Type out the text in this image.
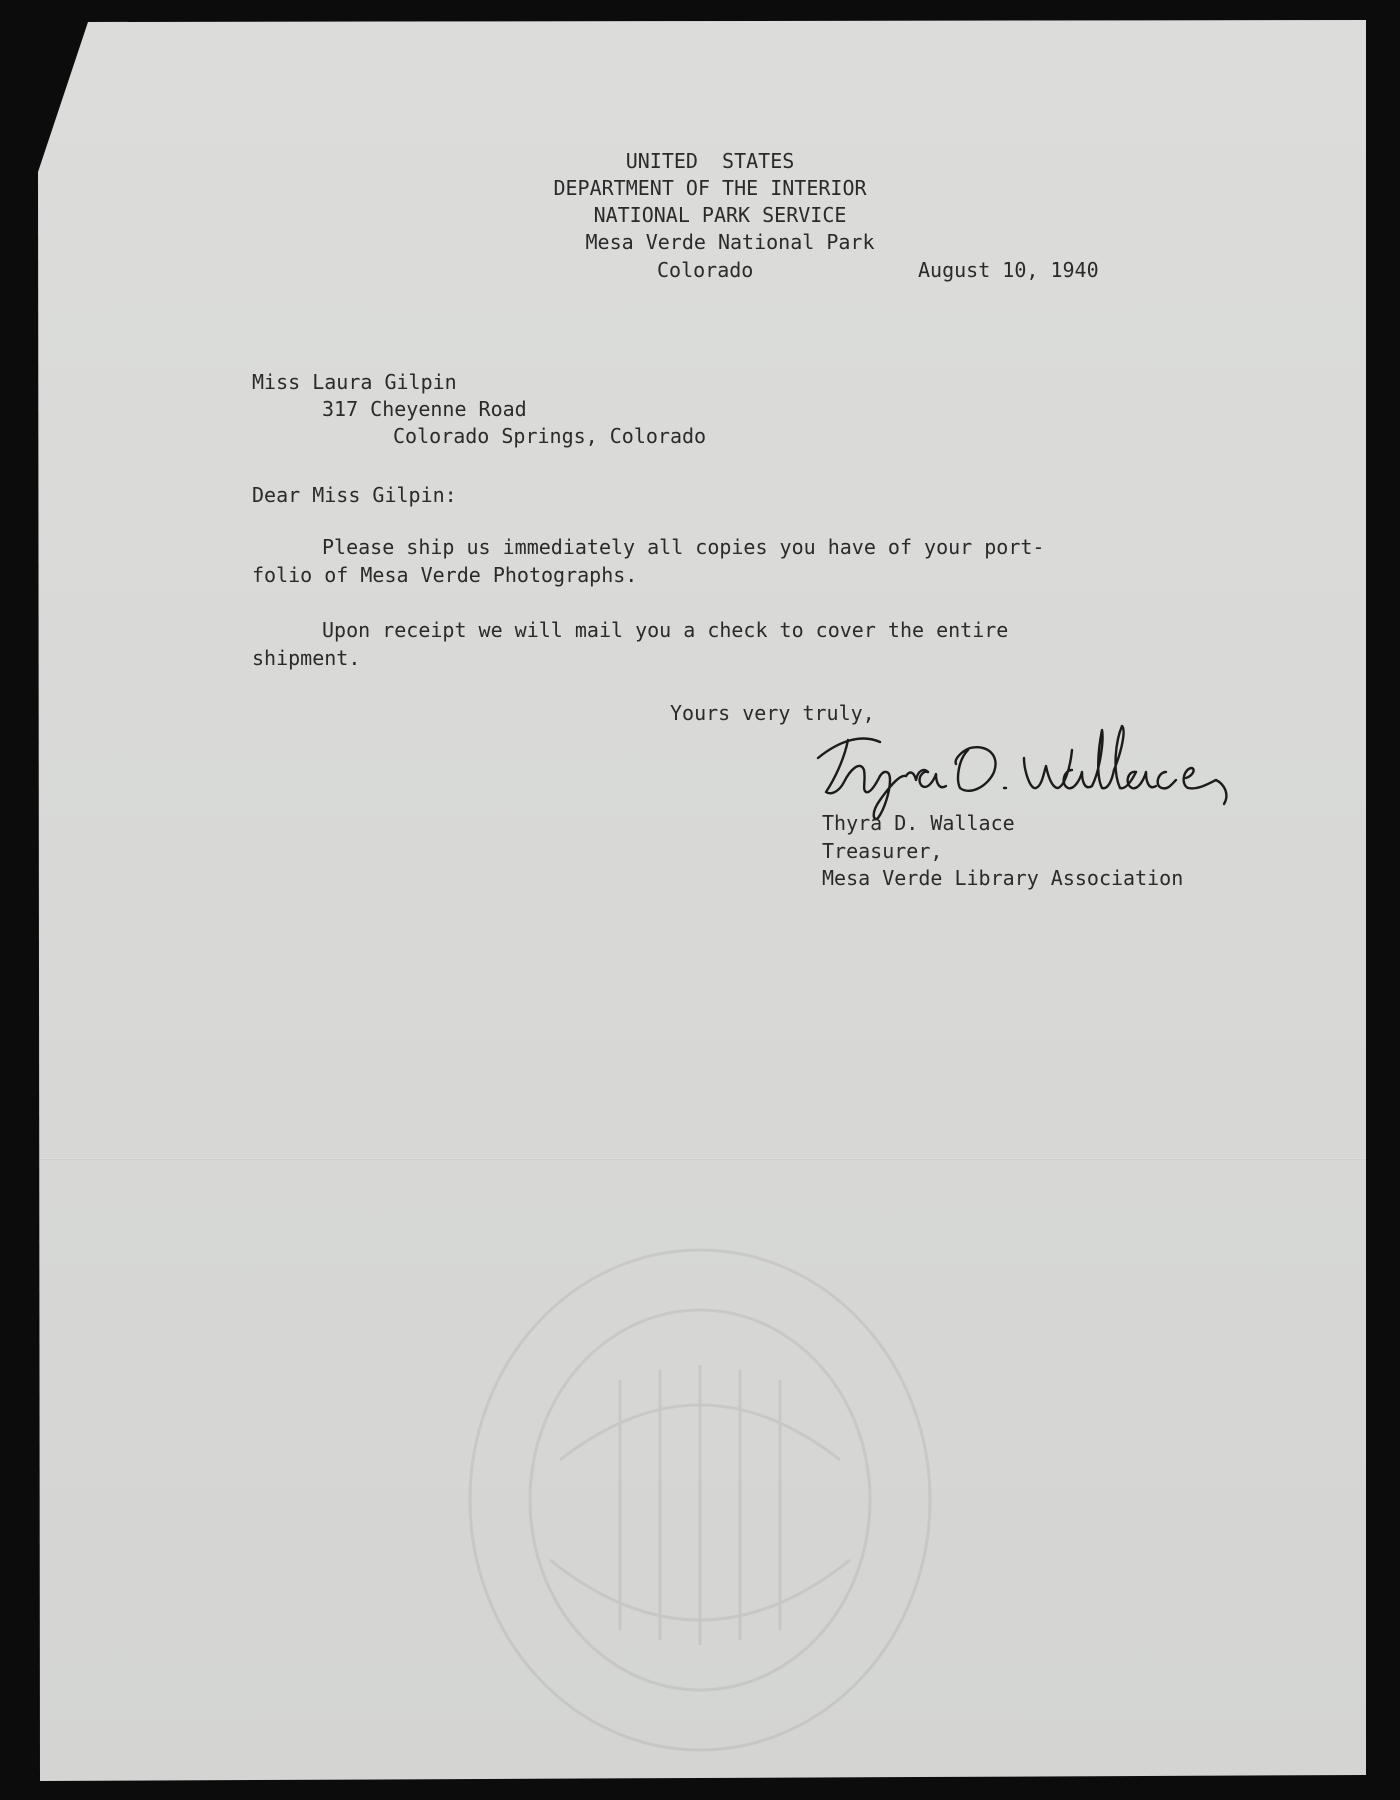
UNITED  STATES

DEPARTMENT OF THE INTERIOR

NATIONAL PARK SERVICE

Mesa Verde National Park

Colorado	August 10, 1940

Miss Laura Gilpin

317 Cheyenne Road

Colorado Springs, Colorado

Dear Miss Gilpin:

Please ship us immediately all copies you have of your port-

folio of Mesa Verde Photographs.

Upon receipt we will mail you a check to cover the entire

shipment.

Yours very truly,

Thyra D. Wallace

Treasurer,

Mesa Verde Library Association
